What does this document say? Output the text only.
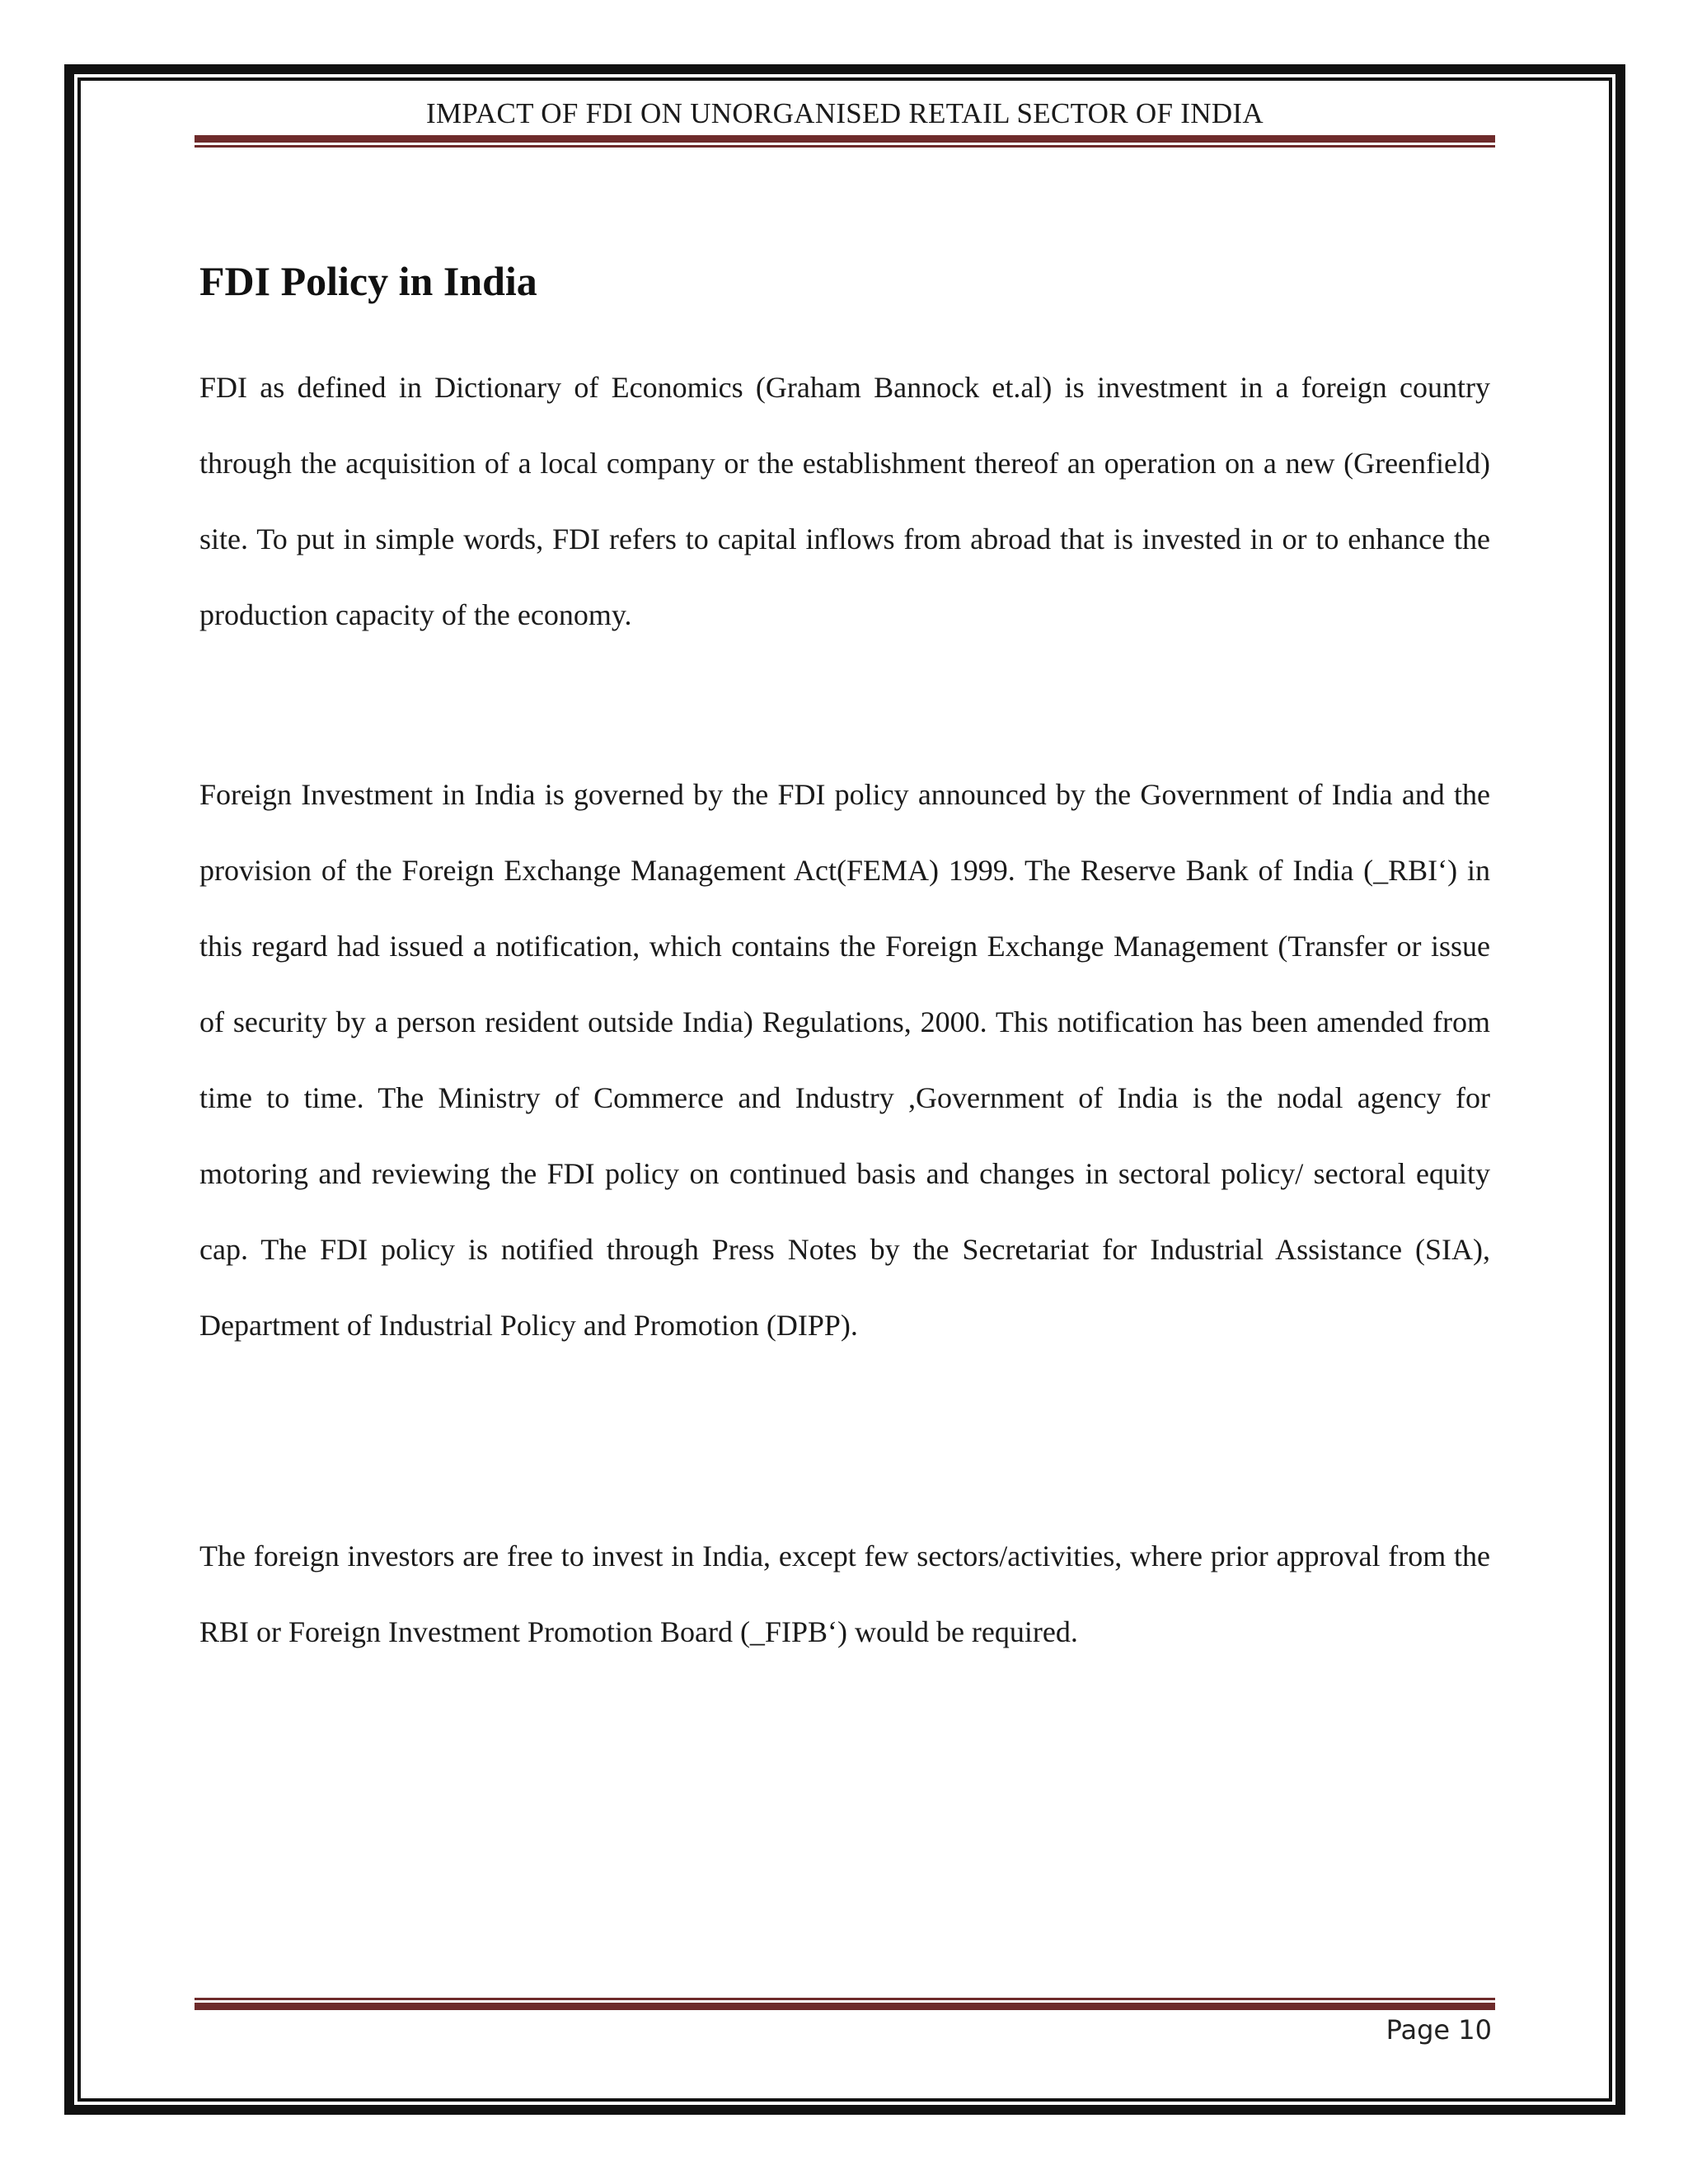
IMPACT OF FDI ON UNORGANISED RETAIL SECTOR OF INDIA
FDI Policy in India

FDI as defined in Dictionary of Economics (Graham Bannock et.al) is investment in a foreign country through the acquisition of a local company or the establishment thereof an operation on a new (Greenfield) site. To put in simple words, FDI refers to capital inflows from abroad that is invested in or to enhance the production capacity of the economy.

Foreign Investment in India is governed by the FDI policy announced by the Government of India and the provision of the Foreign Exchange Management Act(FEMA) 1999. The Reserve Bank of India (_RBI‘) in this regard had issued a notification, which contains the Foreign Exchange Management (Transfer or issue of security by a person resident outside India) Regulations, 2000. This notification has been amended from time to time. The Ministry of Commerce and Industry ,Government of India is the nodal agency for motoring and reviewing the FDI policy on continued basis and changes in sectoral policy/ sectoral equity cap. The FDI policy is notified through Press Notes by the Secretariat for Industrial Assistance (SIA), Department of Industrial Policy and Promotion (DIPP).

The foreign investors are free to invest in India, except few sectors/activities, where prior approval from the RBI or Foreign Investment Promotion Board (_FIPB‘) would be required.

Page 10
